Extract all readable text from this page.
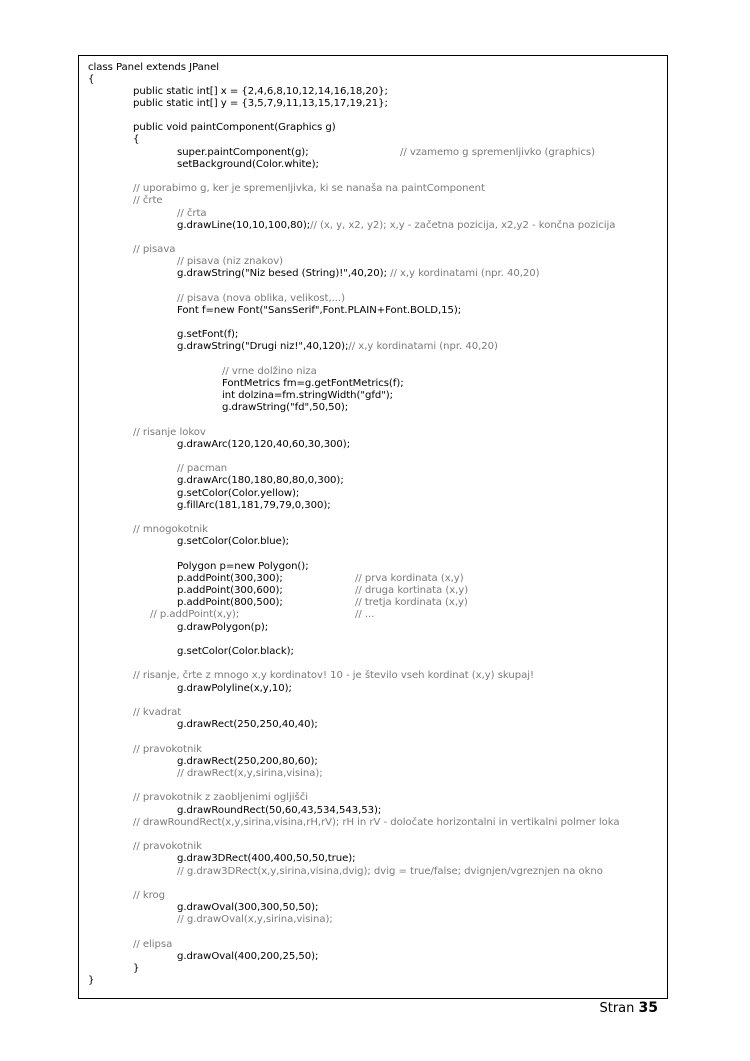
class Panel extends JPanel
{
public static int[] x = {2,4,6,8,10,12,14,16,18,20};
public static int[] y = {3,5,7,9,11,13,15,17,19,21};
public void paintComponent(Graphics g)
{
super.paintComponent(g);	// vzamemo g spremenljivko (graphics)
setBackground(Color.white);
// uporabimo g, ker je spremenljivka, ki se nanaša na paintComponent
// črte
// črta
g.drawLine(10,10,100,80);// (x, y, x2, y2); x,y - začetna pozicija, x2,y2 - končna pozicija
// pisava
// pisava (niz znakov)
g.drawString("Niz besed (String)!",40,20); // x,y kordinatami (npr. 40,20)
// pisava (nova oblika, velikost,...)
Font f=new Font("SansSerif",Font.PLAIN+Font.BOLD,15);
g.setFont(f);
g.drawString("Drugi niz!",40,120);// x,y kordinatami (npr. 40,20)
// vrne dolžino niza
FontMetrics fm=g.getFontMetrics(f);
int dolzina=fm.stringWidth("gfd");
g.drawString("fd",50,50);
// risanje lokov
g.drawArc(120,120,40,60,30,300);
// pacman
g.drawArc(180,180,80,80,0,300);
g.setColor(Color.yellow);
g.fillArc(181,181,79,79,0,300);
// mnogokotnik
g.setColor(Color.blue);
Polygon p=new Polygon();
p.addPoint(300,300);	// prva kordinata (x,y)
p.addPoint(300,600);	// druga kortinata (x,y)
p.addPoint(800,500);	// tretja kordinata (x,y)
// p.addPoint(x,y);	// ...
g.drawPolygon(p);
g.setColor(Color.black);
// risanje, črte z mnogo x,y kordinatov! 10 - je število vseh kordinat (x,y) skupaj!
g.drawPolyline(x,y,10);
// kvadrat
g.drawRect(250,250,40,40);
// pravokotnik
g.drawRect(250,200,80,60);
// drawRect(x,y,sirina,visina);
// pravokotnik z zaobljenimi ogljišči
g.drawRoundRect(50,60,43,534,543,53);
// drawRoundRect(x,y,sirina,visina,rH,rV); rH in rV - določate horizontalni in vertikalni polmer loka
// pravokotnik
g.draw3DRect(400,400,50,50,true);
// g.draw3DRect(x,y,sirina,visina,dvig); dvig = true/false; dvignjen/vgreznjen na okno
// krog
g.drawOval(300,300,50,50);
// g.drawOval(x,y,sirina,visina);
// elipsa
g.drawOval(400,200,25,50);
}
}
Stran 35
